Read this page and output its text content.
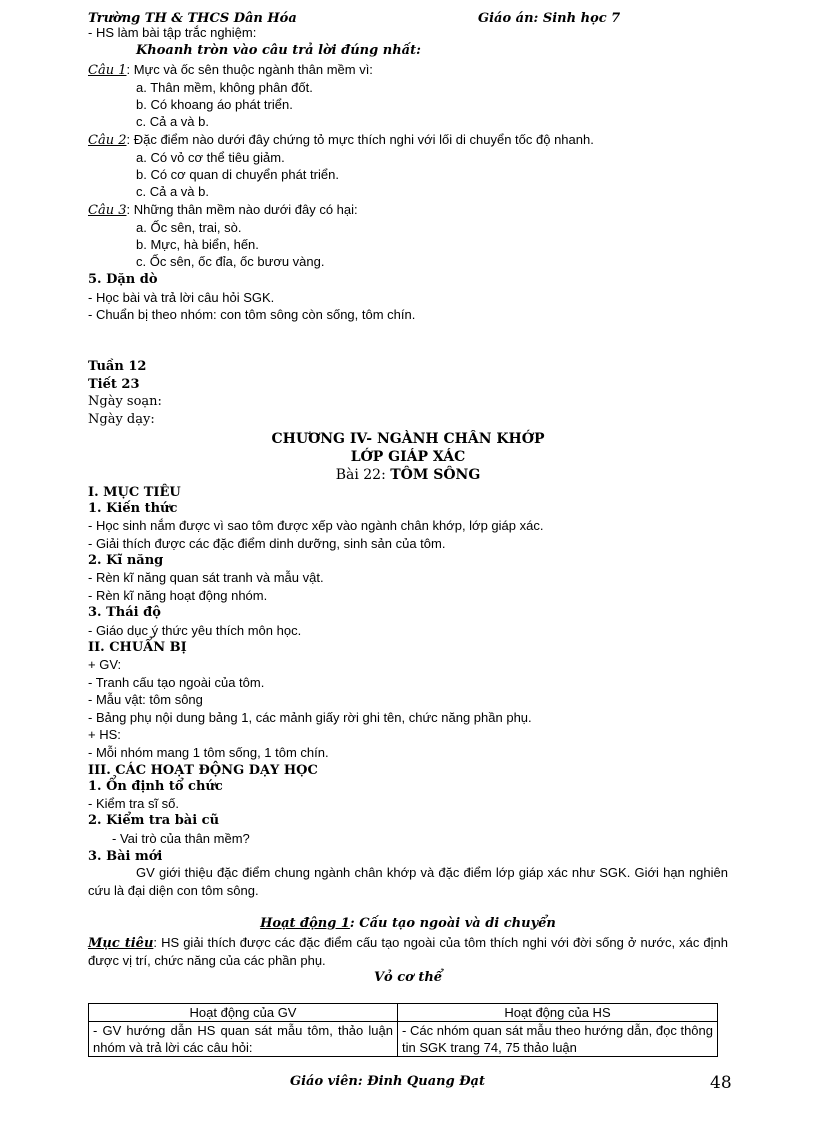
Trường TH & THCS Dân Hóa	Giáo án: Sinh học 7
- HS làm bài tập trắc nghiệm:
Khoanh tròn vào câu trả lời đúng nhất:
Câu 1: Mực và ốc sên thuộc ngành thân mềm vì:
a. Thân mềm, không phân đốt.
b. Có khoang áo phát triển.
c. Cả a và b.
Câu 2: Đặc điểm nào dưới đây chứng tỏ mực thích nghi với lối di chuyển tốc độ nhanh.
a. Có vỏ cơ thể tiêu giảm.
b. Có cơ quan di chuyển phát triển.
c. Cả a và b.
Câu 3: Những thân mềm nào dưới đây có hại:
a. Ốc sên, trai, sò.
b. Mực, hà biển, hến.
c. Ốc sên, ốc đỉa, ốc bươu vàng.
5. Dặn dò
- Học bài và trả lời câu hỏi SGK.
- Chuẩn bị theo nhóm: con tôm sông còn sống, tôm chín.
Tuần 12
Tiết 23
Ngày soạn:
Ngày dạy:
CHƯƠNG IV- NGÀNH CHÂN KHỚP
LỚP GIÁP XÁC
Bài 22: TÔM SÔNG
I. MỤC TIÊU
1. Kiến thức
- Học sinh nắm được vì sao tôm được xếp vào ngành chân khớp, lớp giáp xác.
- Giải thích được các đặc điểm dinh dưỡng, sinh sản của tôm.
2. Kĩ năng
- Rèn kĩ năng quan sát tranh và mẫu vật.
- Rèn kĩ năng hoạt động nhóm.
3. Thái độ
- Giáo dục ý thức yêu thích môn học.
II. CHUẨN BỊ
+ GV:
- Tranh cấu tạo ngoài của tôm.
- Mẫu vật: tôm sông
- Bảng phụ nội dung bảng 1, các mảnh giấy rời ghi tên, chức năng phần phụ.
+ HS:
- Mỗi nhóm mang 1 tôm sống, 1 tôm chín.
III. CÁC HOẠT ĐỘNG DẠY HỌC
1. Ổn định tổ chức
- Kiểm tra sĩ số.
2. Kiểm tra bài cũ
- Vai trò của thân mềm?
3. Bài mới
GV giới thiệu đặc điểm chung ngành chân khớp và đặc điểm lớp giáp xác như SGK. Giới hạn nghiên cứu là đại diện con tôm sông.
Hoạt động 1: Cấu tạo ngoài và di chuyển
Mục tiêu: HS giải thích được các đặc điểm cấu tạo ngoài của tôm thích nghi với đời sống ở nước, xác định được vị trí, chức năng của các phần phụ.
Vỏ cơ thể
Hoạt động của GV	Hoạt động của HS
- GV hướng dẫn HS quan sát mẫu tôm, thảo luận nhóm và trả lời các câu hỏi:	- Các nhóm quan sát mẫu theo hướng dẫn, đọc thông tin SGK trang 74, 75 thảo luận
Giáo viên: Đinh Quang Đạt	48
